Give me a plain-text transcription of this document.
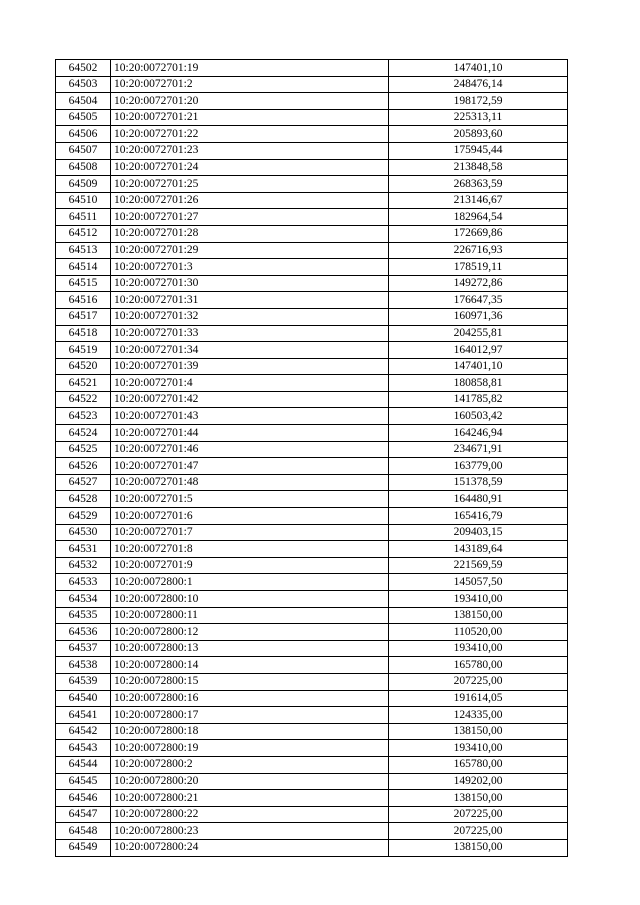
64502	10:20:0072701:19	147401,10
64503	10:20:0072701:2	248476,14
64504	10:20:0072701:20	198172,59
64505	10:20:0072701:21	225313,11
64506	10:20:0072701:22	205893,60
64507	10:20:0072701:23	175945,44
64508	10:20:0072701:24	213848,58
64509	10:20:0072701:25	268363,59
64510	10:20:0072701:26	213146,67
64511	10:20:0072701:27	182964,54
64512	10:20:0072701:28	172669,86
64513	10:20:0072701:29	226716,93
64514	10:20:0072701:3	178519,11
64515	10:20:0072701:30	149272,86
64516	10:20:0072701:31	176647,35
64517	10:20:0072701:32	160971,36
64518	10:20:0072701:33	204255,81
64519	10:20:0072701:34	164012,97
64520	10:20:0072701:39	147401,10
64521	10:20:0072701:4	180858,81
64522	10:20:0072701:42	141785,82
64523	10:20:0072701:43	160503,42
64524	10:20:0072701:44	164246,94
64525	10:20:0072701:46	234671,91
64526	10:20:0072701:47	163779,00
64527	10:20:0072701:48	151378,59
64528	10:20:0072701:5	164480,91
64529	10:20:0072701:6	165416,79
64530	10:20:0072701:7	209403,15
64531	10:20:0072701:8	143189,64
64532	10:20:0072701:9	221569,59
64533	10:20:0072800:1	145057,50
64534	10:20:0072800:10	193410,00
64535	10:20:0072800:11	138150,00
64536	10:20:0072800:12	110520,00
64537	10:20:0072800:13	193410,00
64538	10:20:0072800:14	165780,00
64539	10:20:0072800:15	207225,00
64540	10:20:0072800:16	191614,05
64541	10:20:0072800:17	124335,00
64542	10:20:0072800:18	138150,00
64543	10:20:0072800:19	193410,00
64544	10:20:0072800:2	165780,00
64545	10:20:0072800:20	149202,00
64546	10:20:0072800:21	138150,00
64547	10:20:0072800:22	207225,00
64548	10:20:0072800:23	207225,00
64549	10:20:0072800:24	138150,00
